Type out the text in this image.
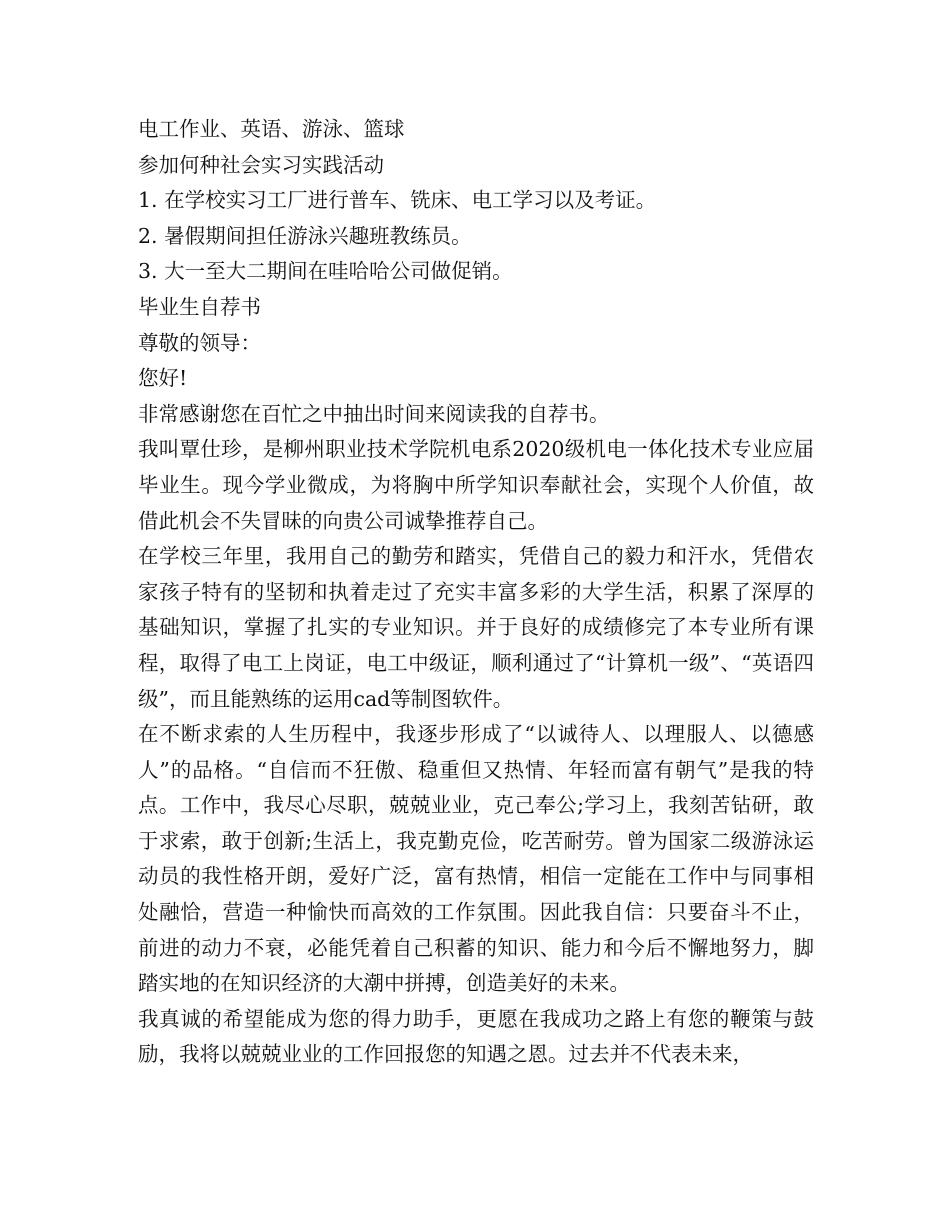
电工作业、英语、游泳、篮球
参加何种社会实习实践活动
1. 在学校实习工厂进行普车、铣床、电工学习以及考证。
2. 暑假期间担任游泳兴趣班教练员。
3. 大一至大二期间在哇哈哈公司做促销。
毕业生自荐书
尊敬的领导：
您好!
非常感谢您在百忙之中抽出时间来阅读我的自荐书。
我叫覃仕珍，是柳州职业技术学院机电系2020级机电一体化技术专业应届毕业生。现今学业微成，为将胸中所学知识奉献社会，实现个人价值，故借此机会不失冒昧的向贵公司诚挚推荐自己。
在学校三年里，我用自己的勤劳和踏实，凭借自己的毅力和汗水，凭借农家孩子特有的坚韧和执着走过了充实丰富多彩的大学生活，积累了深厚的基础知识，掌握了扎实的专业知识。并于良好的成绩修完了本专业所有课程，取得了电工上岗证，电工中级证，顺利通过了“计算机一级”、“英语四级”，而且能熟练的运用cad等制图软件。
在不断求索的人生历程中，我逐步形成了“以诚待人、以理服人、以德感人”的品格。“自信而不狂傲、稳重但又热情、年轻而富有朝气”是我的特点。工作中，我尽心尽职，兢兢业业，克己奉公;学习上，我刻苦钻研，敢于求索，敢于创新;生活上，我克勤克俭，吃苦耐劳。曾为国家二级游泳运动员的我性格开朗，爱好广泛，富有热情，相信一定能在工作中与同事相处融恰，营造一种愉快而高效的工作氛围。因此我自信：只要奋斗不止，前进的动力不衰，必能凭着自己积蓄的知识、能力和今后不懈地努力，脚踏实地的在知识经济的大潮中拼搏，创造美好的未来。
我真诚的希望能成为您的得力助手，更愿在我成功之路上有您的鞭策与鼓励，我将以兢兢业业的工作回报您的知遇之恩。过去并不代表未来，
